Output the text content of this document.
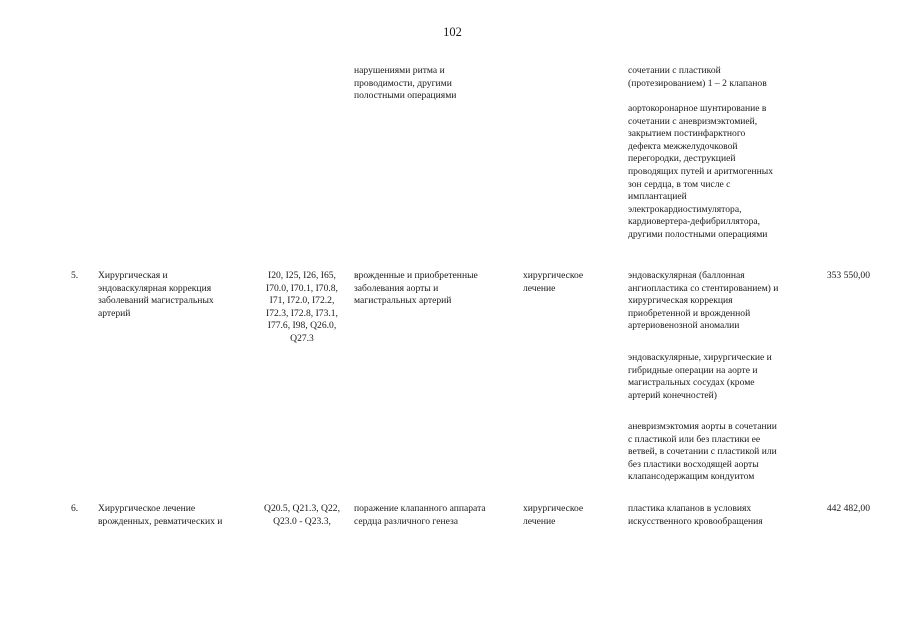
102
нарушениями ритма и
проводимости, другими
полостными операциями
сочетании с пластикой
(протезированием) 1 – 2 клапанов
аортокоронарное шунтирование в
сочетании с аневризмэктомией,
закрытием постинфарктного
дефекта межжелудочковой
перегородки, деструкцией
проводящих путей и аритмогенных
зон сердца, в том числе с
имплантацией
электрокардиостимулятора,
кардиовертера-дефибриллятора,
другими полостными операциями
5. Хирургическая и
эндоваскулярная коррекция
заболеваний магистральных
артерий
I20, I25, I26, I65,
I70.0, I70.1, I70.8,
I71, I72.0, I72.2,
I72.3, I72.8, I73.1,
I77.6, I98, Q26.0,
Q27.3
врожденные и приобретенные
заболевания аорты и
магистральных артерий
хирургическое
лечение
эндоваскулярная (баллонная
ангиопластика со стентированием) и
хирургическая коррекция
приобретенной и врожденной
артериовенозной аномалии
эндоваскулярные, хирургические и
гибридные операции на аорте и
магистральных сосудах (кроме
артерий конечностей)
аневризмэктомия аорты в сочетании
с пластикой или без пластики ее
ветвей, в сочетании с пластикой или
без пластики восходящей аорты
клапансодержащим кондуитом
353 550,00
6. Хирургическое лечение
врожденных, ревматических и
Q20.5, Q21.3, Q22,
Q23.0 - Q23.3,
поражение клапанного аппарата
сердца различного генеза
хирургическое
лечение
пластика клапанов в условиях
искусственного кровообращения
442 482,00
